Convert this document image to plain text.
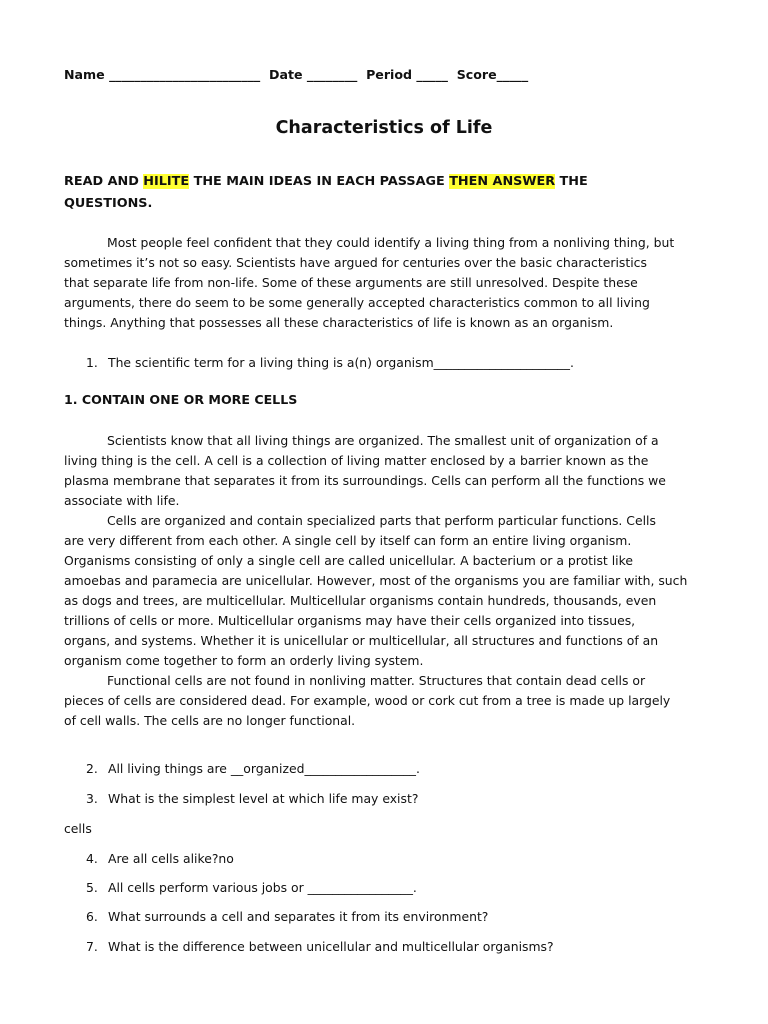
Name ________________________ Date ________ Period _____ Score_____
Characteristics of Life
READ AND HILITE THE MAIN IDEAS IN EACH PASSAGE THEN ANSWER THE
QUESTIONS.
Most people feel confident that they could identify a living thing from a nonliving thing, but
sometimes it’s not so easy. Scientists have argued for centuries over the basic characteristics
that separate life from non-life. Some of these arguments are still unresolved. Despite these
arguments, there do seem to be some generally accepted characteristics common to all living
things. Anything that possesses all these characteristics of life is known as an organism.
1. The scientific term for a living thing is a(n) organism______________________.
1. CONTAIN ONE OR MORE CELLS
Scientists know that all living things are organized. The smallest unit of organization of a
living thing is the cell. A cell is a collection of living matter enclosed by a barrier known as the
plasma membrane that separates it from its surroundings. Cells can perform all the functions we
associate with life.
Cells are organized and contain specialized parts that perform particular functions. Cells
are very different from each other. A single cell by itself can form an entire living organism.
Organisms consisting of only a single cell are called unicellular. A bacterium or a protist like
amoebas and paramecia are unicellular. However, most of the organisms you are familiar with, such
as dogs and trees, are multicellular. Multicellular organisms contain hundreds, thousands, even
trillions of cells or more. Multicellular organisms may have their cells organized into tissues,
organs, and systems. Whether it is unicellular or multicellular, all structures and functions of an
organism come together to form an orderly living system.
Functional cells are not found in nonliving matter. Structures that contain dead cells or
pieces of cells are considered dead. For example, wood or cork cut from a tree is made up largely
of cell walls. The cells are no longer functional.
2. All living things are __organized__________________.
3. What is the simplest level at which life may exist?
cells
4. Are all cells alike?no
5. All cells perform various jobs or _________________.
6. What surrounds a cell and separates it from its environment?
7. What is the difference between unicellular and multicellular organisms?
